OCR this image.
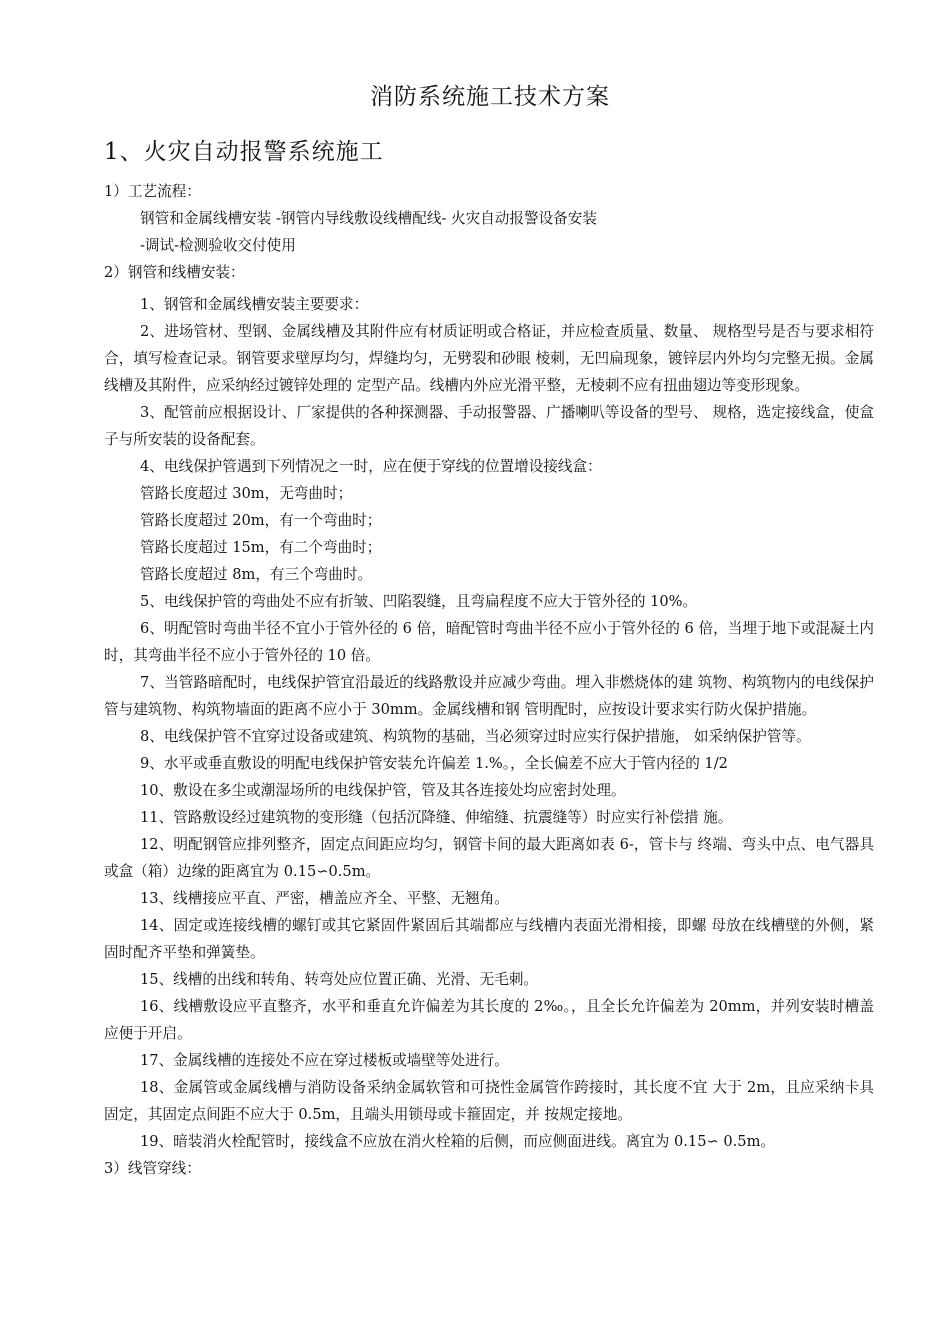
消防系统施工技术方案
1、火灾自动报警系统施工

1）工艺流程：

钢管和金属线槽安装 -钢管内导线敷设线槽配线- 火灾自动报警设备安装

-调试-检测验收交付使用

2）钢管和线槽安装：

1、钢管和金属线槽安装主要要求：

2、进场管材、型钢、金属线槽及其附件应有材质证明或合格证，并应检查质量、数量、 规格型号是否与要求相符合，填写检查记录。钢管要求壁厚均匀，焊缝均匀，无劈裂和砂眼 棱刺，无凹扁现象，镀锌层内外均匀完整无损。金属线槽及其附件，应采纳经过镀锌处理的 定型产品。线槽内外应光滑平整，无棱刺不应有扭曲翅边等变形现象。

3、配管前应根据设计、厂家提供的各种探测器、手动报警器、广播喇叭等设备的型号、 规格，选定接线盒，使盒子与所安装的设备配套。

4、电线保护管遇到下列情况之一时，应在便于穿线的位置增设接线盒：

管路长度超过 30m，无弯曲时；

管路长度超过 20m，有一个弯曲时；

管路长度超过 15m，有二个弯曲时；

管路长度超过 8m，有三个弯曲时。

5、电线保护管的弯曲处不应有折皱、凹陷裂缝，且弯扁程度不应大于管外径的 10%。

6、明配管时弯曲半径不宜小于管外径的 6 倍，暗配管时弯曲半径不应小于管外径的 6 倍，当埋于地下或混凝土内时，其弯曲半径不应小于管外径的 10 倍。

7、当管路暗配时，电线保护管宜沿最近的线路敷设并应减少弯曲。埋入非燃烧体的建 筑物、构筑物内的电线保护管与建筑物、构筑物墙面的距离不应小于 30mm。金属线槽和钢 管明配时，应按设计要求实行防火保护措施。

8、电线保护管不宜穿过设备或建筑、构筑物的基础，当必须穿过时应实行保护措施， 如采纳保护管等。

9、水平或垂直敷设的明配电线保护管安装允许偏差 1.%。，全长偏差不应大于管内径的 1/2

10、敷设在多尘或潮湿场所的电线保护管，管及其各连接处均应密封处理。

11、管路敷设经过建筑物的变形缝（包括沉降缝、伸缩缝、抗震缝等）时应实行补偿措 施。

12、明配钢管应排列整齐，固定点间距应均匀，钢管卡间的最大距离如表 6-，管卡与 终端、弯头中点、电气器具或盒（箱）边缘的距离宜为 0.15∽0.5m。

13、线槽接应平直、严密，槽盖应齐全、平整、无翘角。

14、固定或连接线槽的螺钉或其它紧固件紧固后其端都应与线槽内表面光滑相接，即螺 母放在线槽壁的外侧，紧固时配齐平垫和弹簧垫。

15、线槽的出线和转角、转弯处应位置正确、光滑、无毛刺。

16、线槽敷设应平直整齐，水平和垂直允许偏差为其长度的 2‰。，且全长允许偏差为 20mm，并列安装时槽盖应便于开启。

17、金属线槽的连接处不应在穿过楼板或墙壁等处进行。

18、金属管或金属线槽与消防设备采纳金属软管和可挠性金属管作跨接时，其长度不宜 大于 2m，且应采纳卡具固定，其固定点间距不应大于 0.5m，且端头用锁母或卡箍固定，并 按规定接地。

19、暗装消火栓配管时，接线盒不应放在消火栓箱的后侧，而应侧面进线。离宜为 0.15∽ 0.5m。

3）线管穿线：
